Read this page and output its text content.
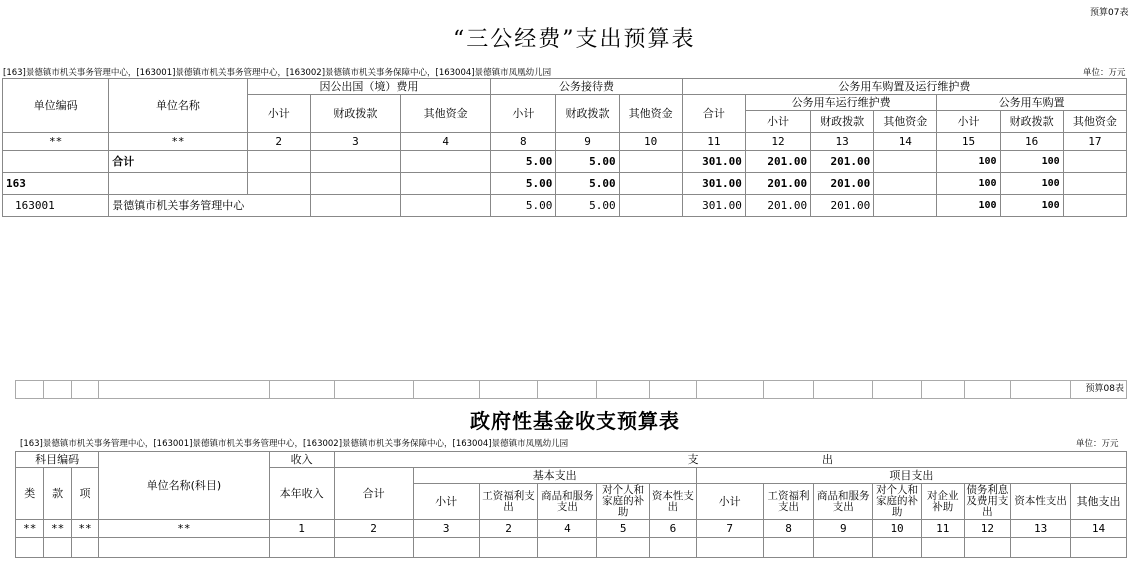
预算07表
“三公经费”支出预算表
[163]景德镇市机关事务管理中心，[163001]景德镇市机关事务管理中心，[163002]景德镇市机关事务保障中心，[163004]景德镇市凤凰幼儿园	单位：万元
单位编码	单位名称	因公出国（境）费用			公务接待费			公务用车购置及运行维护费						
		小计	财政拨款	其他资金	小计	财政拨款	其他资金	合计	公务用车运行维护费			公务用车购置		
									小计	财政拨款	其他资金	小计	财政拨款	其他资金
**	**	2	3	4	8	9	10	11	12	13	14	15	16	17
	合计				5.00	5.00		301.00	201.00	201.00		100	100	
163					5.00	5.00		301.00	201.00	201.00		100	100	
163001	景德镇市机关事务管理中心				5.00	5.00		301.00	201.00	201.00		100	100	
																		预算08表
政府性基金收支预算表
[163]景德镇市机关事务管理中心，[163001]景德镇市机关事务管理中心，[163002]景德镇市机关事务保障中心，[163004]景德镇市凤凰幼儿园	单位：万元
科目编码			单位名称(科目)	收入	支 出													
类	款	项		本年收入	合计	基本支出					项目支出							
						小计	工资福利支出	商品和服务支出	对个人和家庭的补助	资本性支出	小计	工资福利支出	商品和服务支出	对个人和家庭的补助	对企业补助	债务利息及费用支出	资本性支出	其他支出
**	**	**	**	1	2	3	2	4	5	6	7	8	9	10	11	12	13	14
